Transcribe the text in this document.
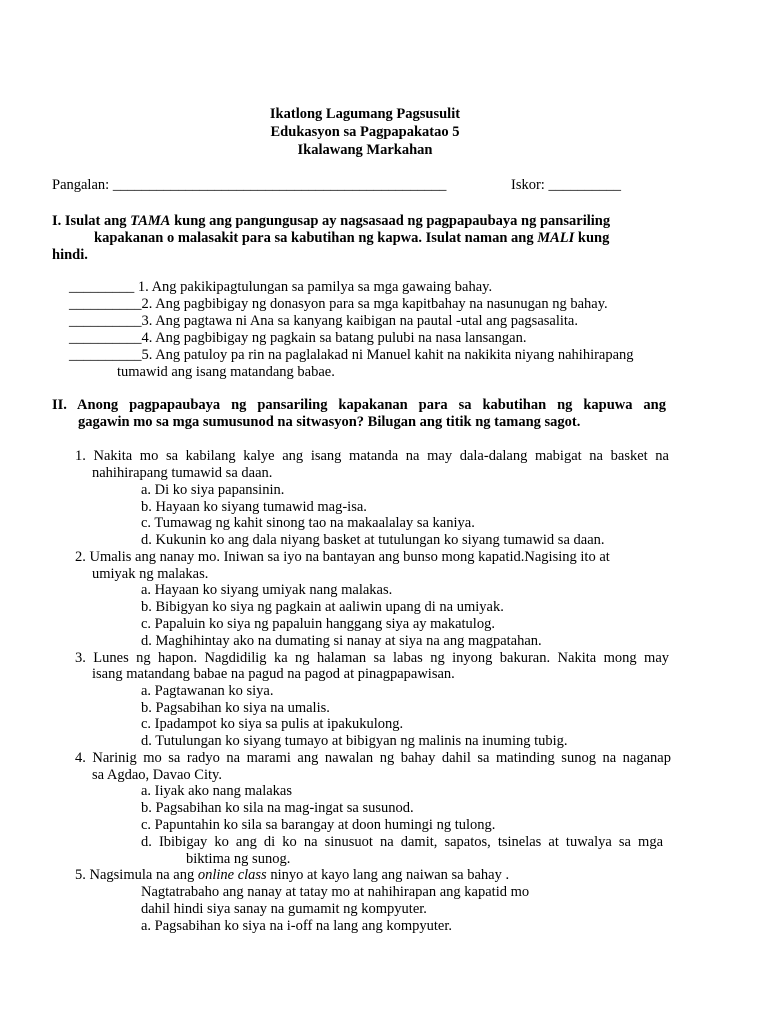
Ikatlong Lagumang Pagsusulit
Edukasyon sa Pagpapakatao 5
Ikalawang Markahan
Pangalan: ______________________________________________	Iskor: __________
I. Isulat ang TAMA kung ang pangungusap ay nagsasaad ng pagpapaubaya ng pansariling
kapakanan o malasakit para sa kabutihan ng kapwa. Isulat naman ang MALI kung
hindi.
_________ 1. Ang pakikipagtulungan sa pamilya sa mga gawaing bahay.
__________2. Ang pagbibigay ng donasyon para sa mga kapitbahay na nasunugan ng bahay.
__________3. Ang pagtawa ni Ana sa kanyang kaibigan na pautal -utal ang pagsasalita.
__________4. Ang pagbibigay ng pagkain sa batang pulubi na nasa lansangan.
__________5. Ang patuloy pa rin na paglalakad ni Manuel kahit na nakikita niyang nahihirapang
tumawid ang isang matandang babae.
II. Anong pagpapaubaya ng pansariling kapakanan para sa kabutihan ng kapuwa ang
gagawin mo sa mga sumusunod na sitwasyon? Bilugan ang titik ng tamang sagot.
1. Nakita mo sa kabilang kalye ang isang matanda na may dala-dalang mabigat na basket na
nahihirapang tumawid sa daan.
a. Di ko siya papansinin.
b. Hayaan ko siyang tumawid mag-isa.
c. Tumawag ng kahit sinong tao na makaalalay sa kaniya.
d. Kukunin ko ang dala niyang basket at tutulungan ko siyang tumawid sa daan.
2. Umalis ang nanay mo. Iniwan sa iyo na bantayan ang bunso mong kapatid.Nagising ito at
umiyak ng malakas.
a. Hayaan ko siyang umiyak nang malakas.
b. Bibigyan ko siya ng pagkain at aaliwin upang di na umiyak.
c. Papaluin ko siya ng papaluin hanggang siya ay makatulog.
d. Maghihintay ako na dumating si nanay at siya na ang magpatahan.
3. Lunes ng hapon. Nagdidilig ka ng halaman sa labas ng inyong bakuran. Nakita mong may
isang matandang babae na pagud na pagod at pinagpapawisan.
a. Pagtawanan ko siya.
b. Pagsabihan ko siya na umalis.
c. Ipadampot ko siya sa pulis at ipakukulong.
d. Tutulungan ko siyang tumayo at bibigyan ng malinis na inuming tubig.
4. Narinig mo sa radyo na marami ang nawalan ng bahay dahil sa matinding sunog na naganap
sa Agdao, Davao City.
a. Iiyak ako nang malakas
b. Pagsabihan ko sila na mag-ingat sa susunod.
c. Papuntahin ko sila sa barangay at doon humingi ng tulong.
d. Ibibigay ko ang di ko na sinusuot na damit, sapatos, tsinelas at tuwalya sa mga
biktima ng sunog.
5. Nagsimula na ang online class ninyo at kayo lang ang naiwan sa bahay .
Nagtatrabaho ang nanay at tatay mo at nahihirapan ang kapatid mo
dahil hindi siya sanay na gumamit ng kompyuter.
a. Pagsabihan ko siya na i-off na lang ang kompyuter.
